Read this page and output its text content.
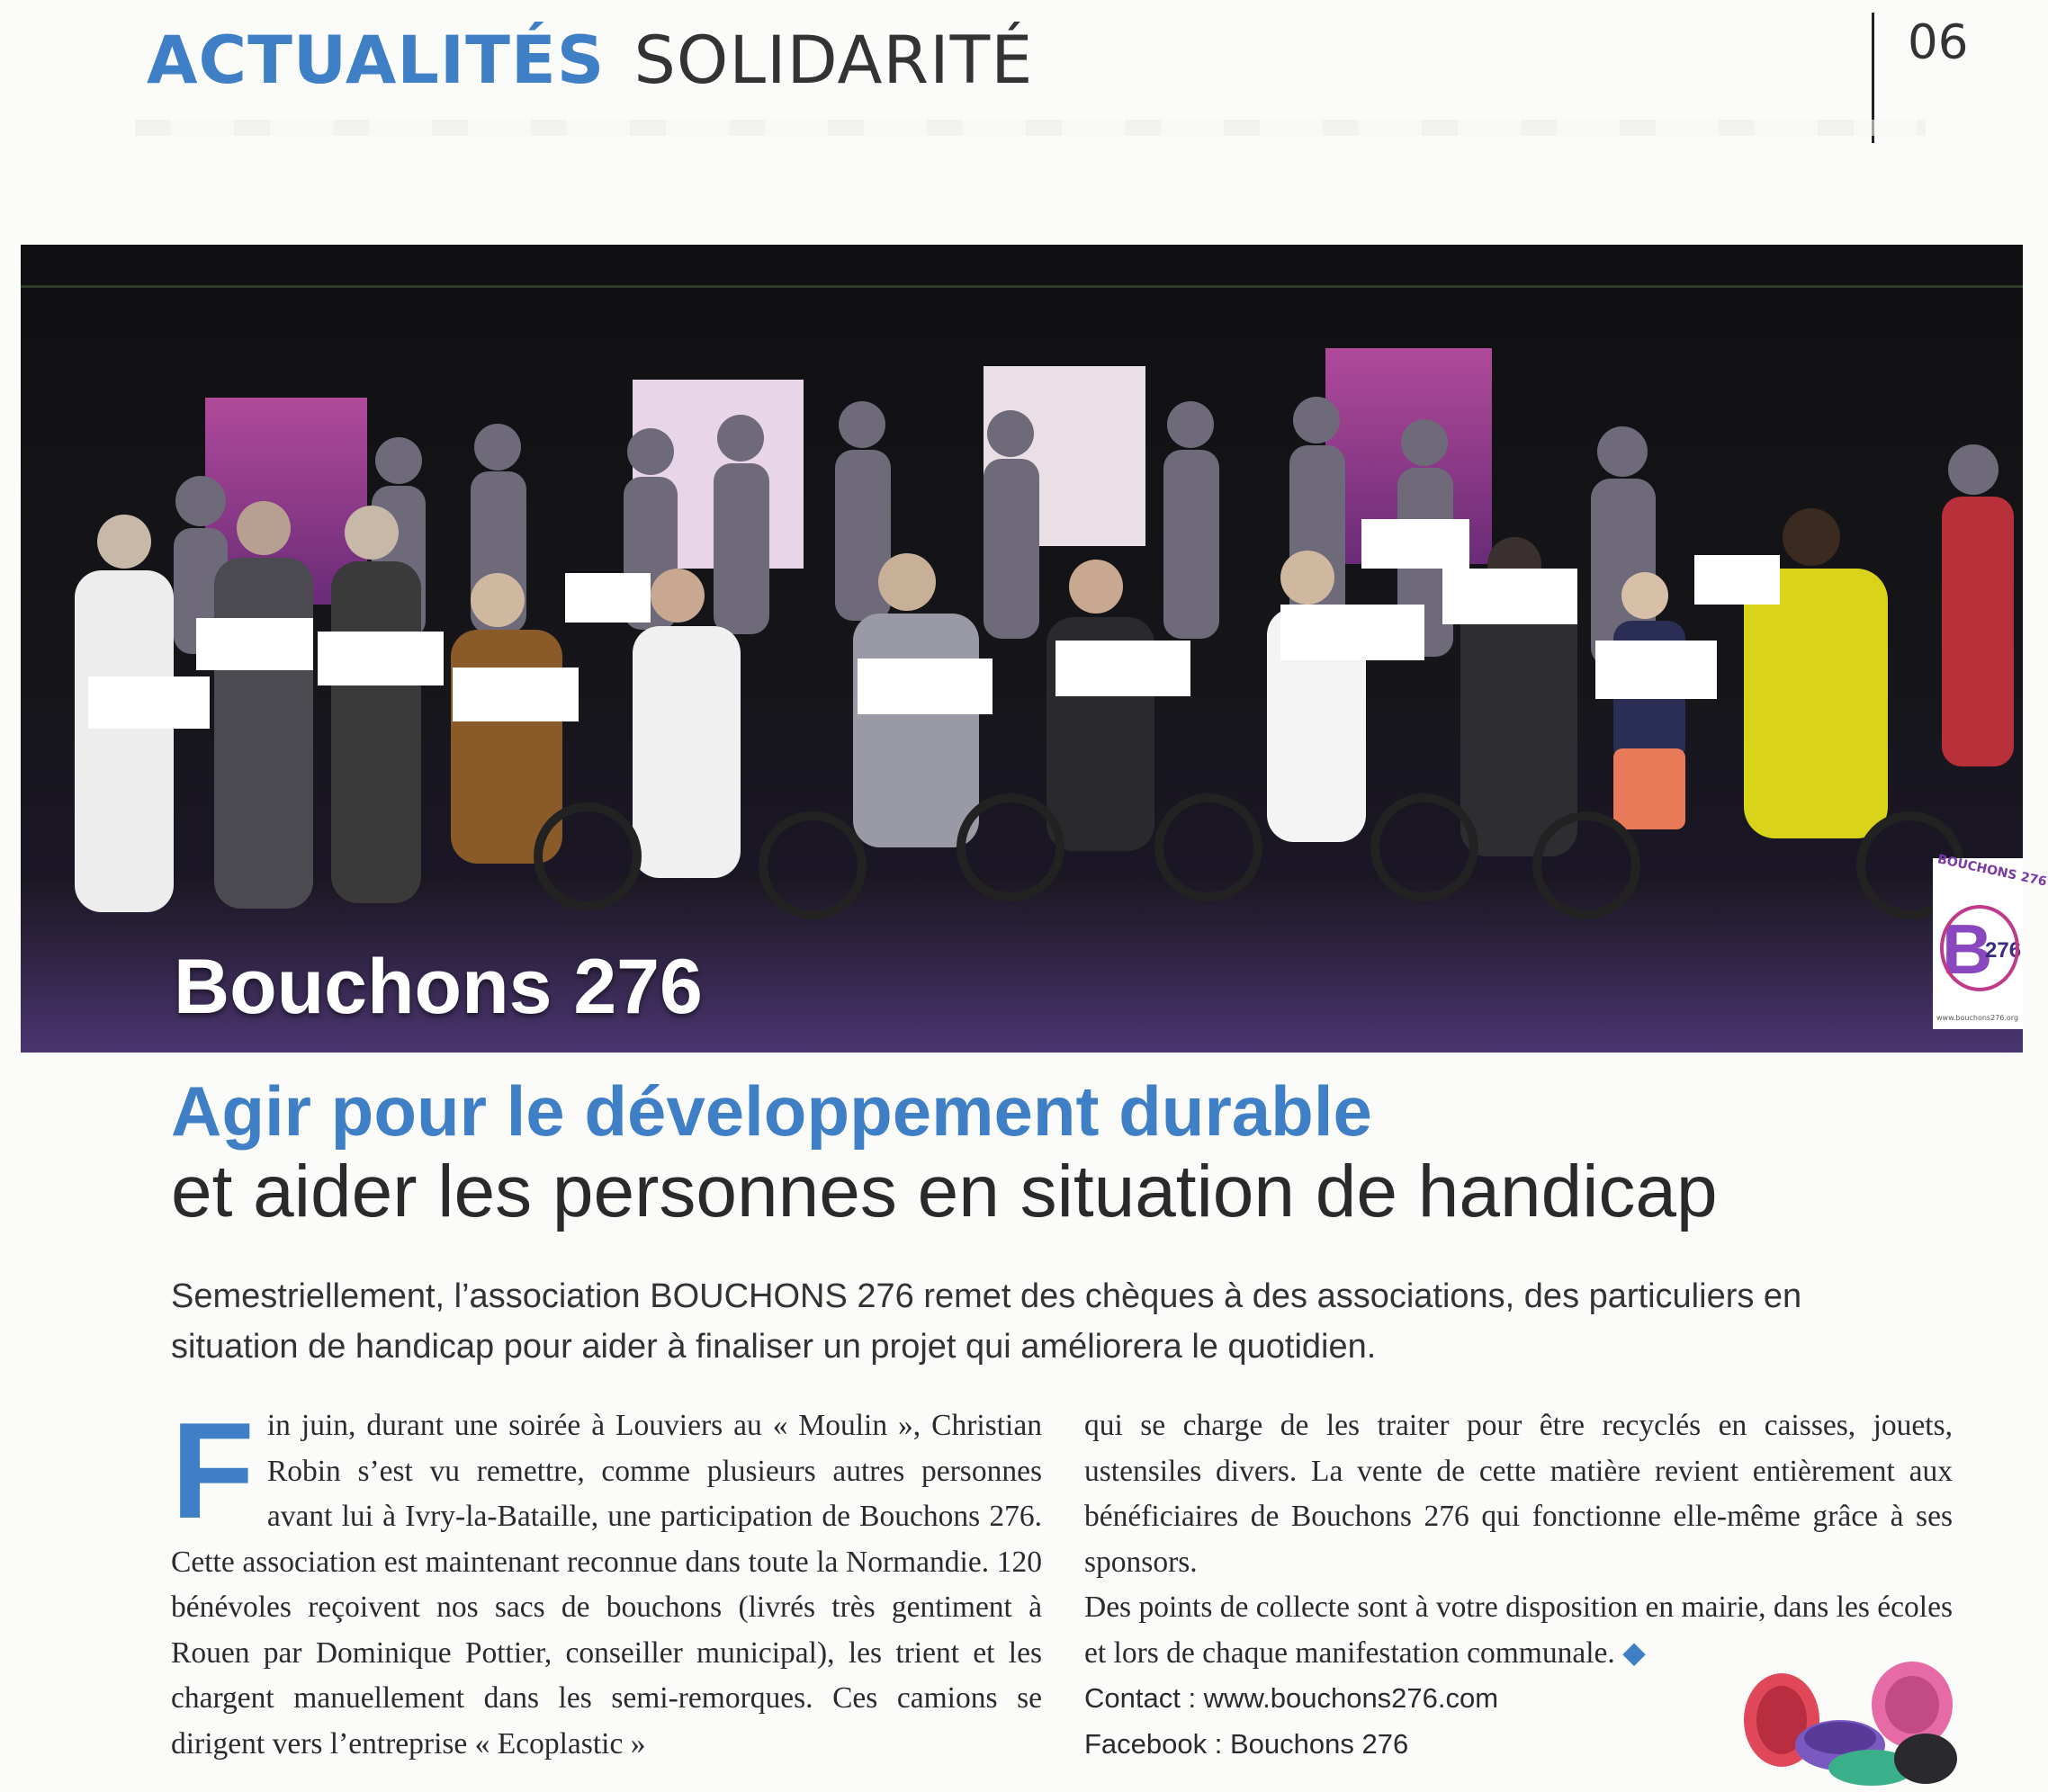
ACTUALITÉS SOLIDARITÉ	06
Bouchons 276
BOUCHONS 276
B
276
www.bouchons276.org
Agir pour le développement durable
et aider les personnes en situation de handicap
Semestriellement, l’association BOUCHONS 276 remet des chèques à des associations, des particuliers en situation de handicap pour aider à finaliser un projet qui améliorera le quotidien.
F in juin, durant une soirée à Louviers au « Moulin », Christian Robin s’est vu remettre, comme plusieurs autres personnes avant lui à Ivry-la-Bataille, une participation de Bouchons 276. Cette association est maintenant reconnue dans toute la Normandie. 120 bénévoles reçoivent nos sacs de bouchons (livrés très gentiment à Rouen par Dominique Pottier, conseiller municipal), les trient et les chargent manuellement dans les semi-remorques. Ces camions se dirigent vers l’entreprise « Ecoplastic »
qui se charge de les traiter pour être recyclés en caisses, jouets, ustensiles divers. La vente de cette matière revient entièrement aux bénéficiaires de Bouchons 276 qui fonctionne elle-même grâce à ses sponsors.
Des points de collecte sont à votre disposition en mairie, dans les écoles et lors de chaque manifestation communale. ◆
Contact : www.bouchons276.com
Facebook : Bouchons 276
